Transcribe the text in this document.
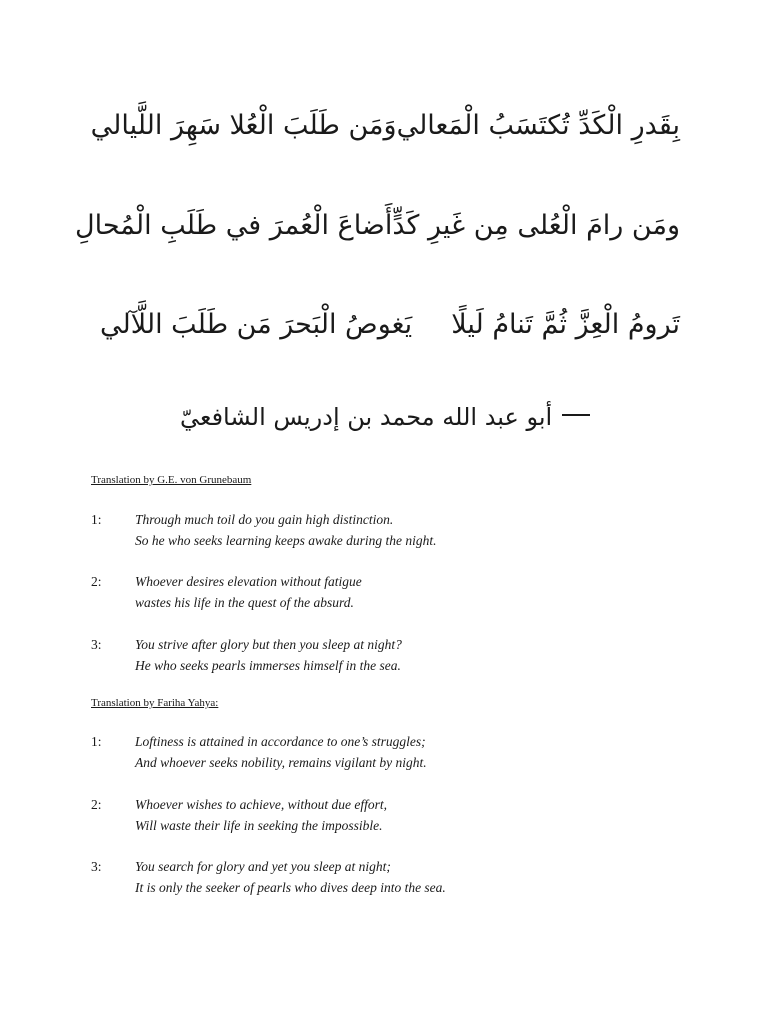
بِقَدرِ الْكَدِّ تُكتَسَبُ الْمَعالي
وَمَن طَلَبَ الْعُلا سَهِرَ اللَّيالي
ومَن رامَ الْعُلى مِن غَيرِ كَدٍّ
أَضاعَ الْعُمرَ في طَلَبِ الْمُحالِ
تَرومُ الْعِزَّ ثُمَّ تَنامُ لَيلًا
يَغوصُ الْبَحرَ مَن طَلَبَ اللَّآلي
أبو عبد الله محمد بن إدريس الشافعيّ
Translation by G.E. von Grunebaum
1: Through much toil do you gain high distinction.
So he who seeks learning keeps awake during the night.
2: Whoever desires elevation without fatigue
wastes his life in the quest of the absurd.
3: You strive after glory but then you sleep at night?
He who seeks pearls immerses himself in the sea.
Translation by Fariha Yahya:
1: Loftiness is attained in accordance to one’s struggles;
And whoever seeks nobility, remains vigilant by night.
2: Whoever wishes to achieve, without due effort,
Will waste their life in seeking the impossible.
3: You search for glory and yet you sleep at night;
It is only the seeker of pearls who dives deep into the sea.
